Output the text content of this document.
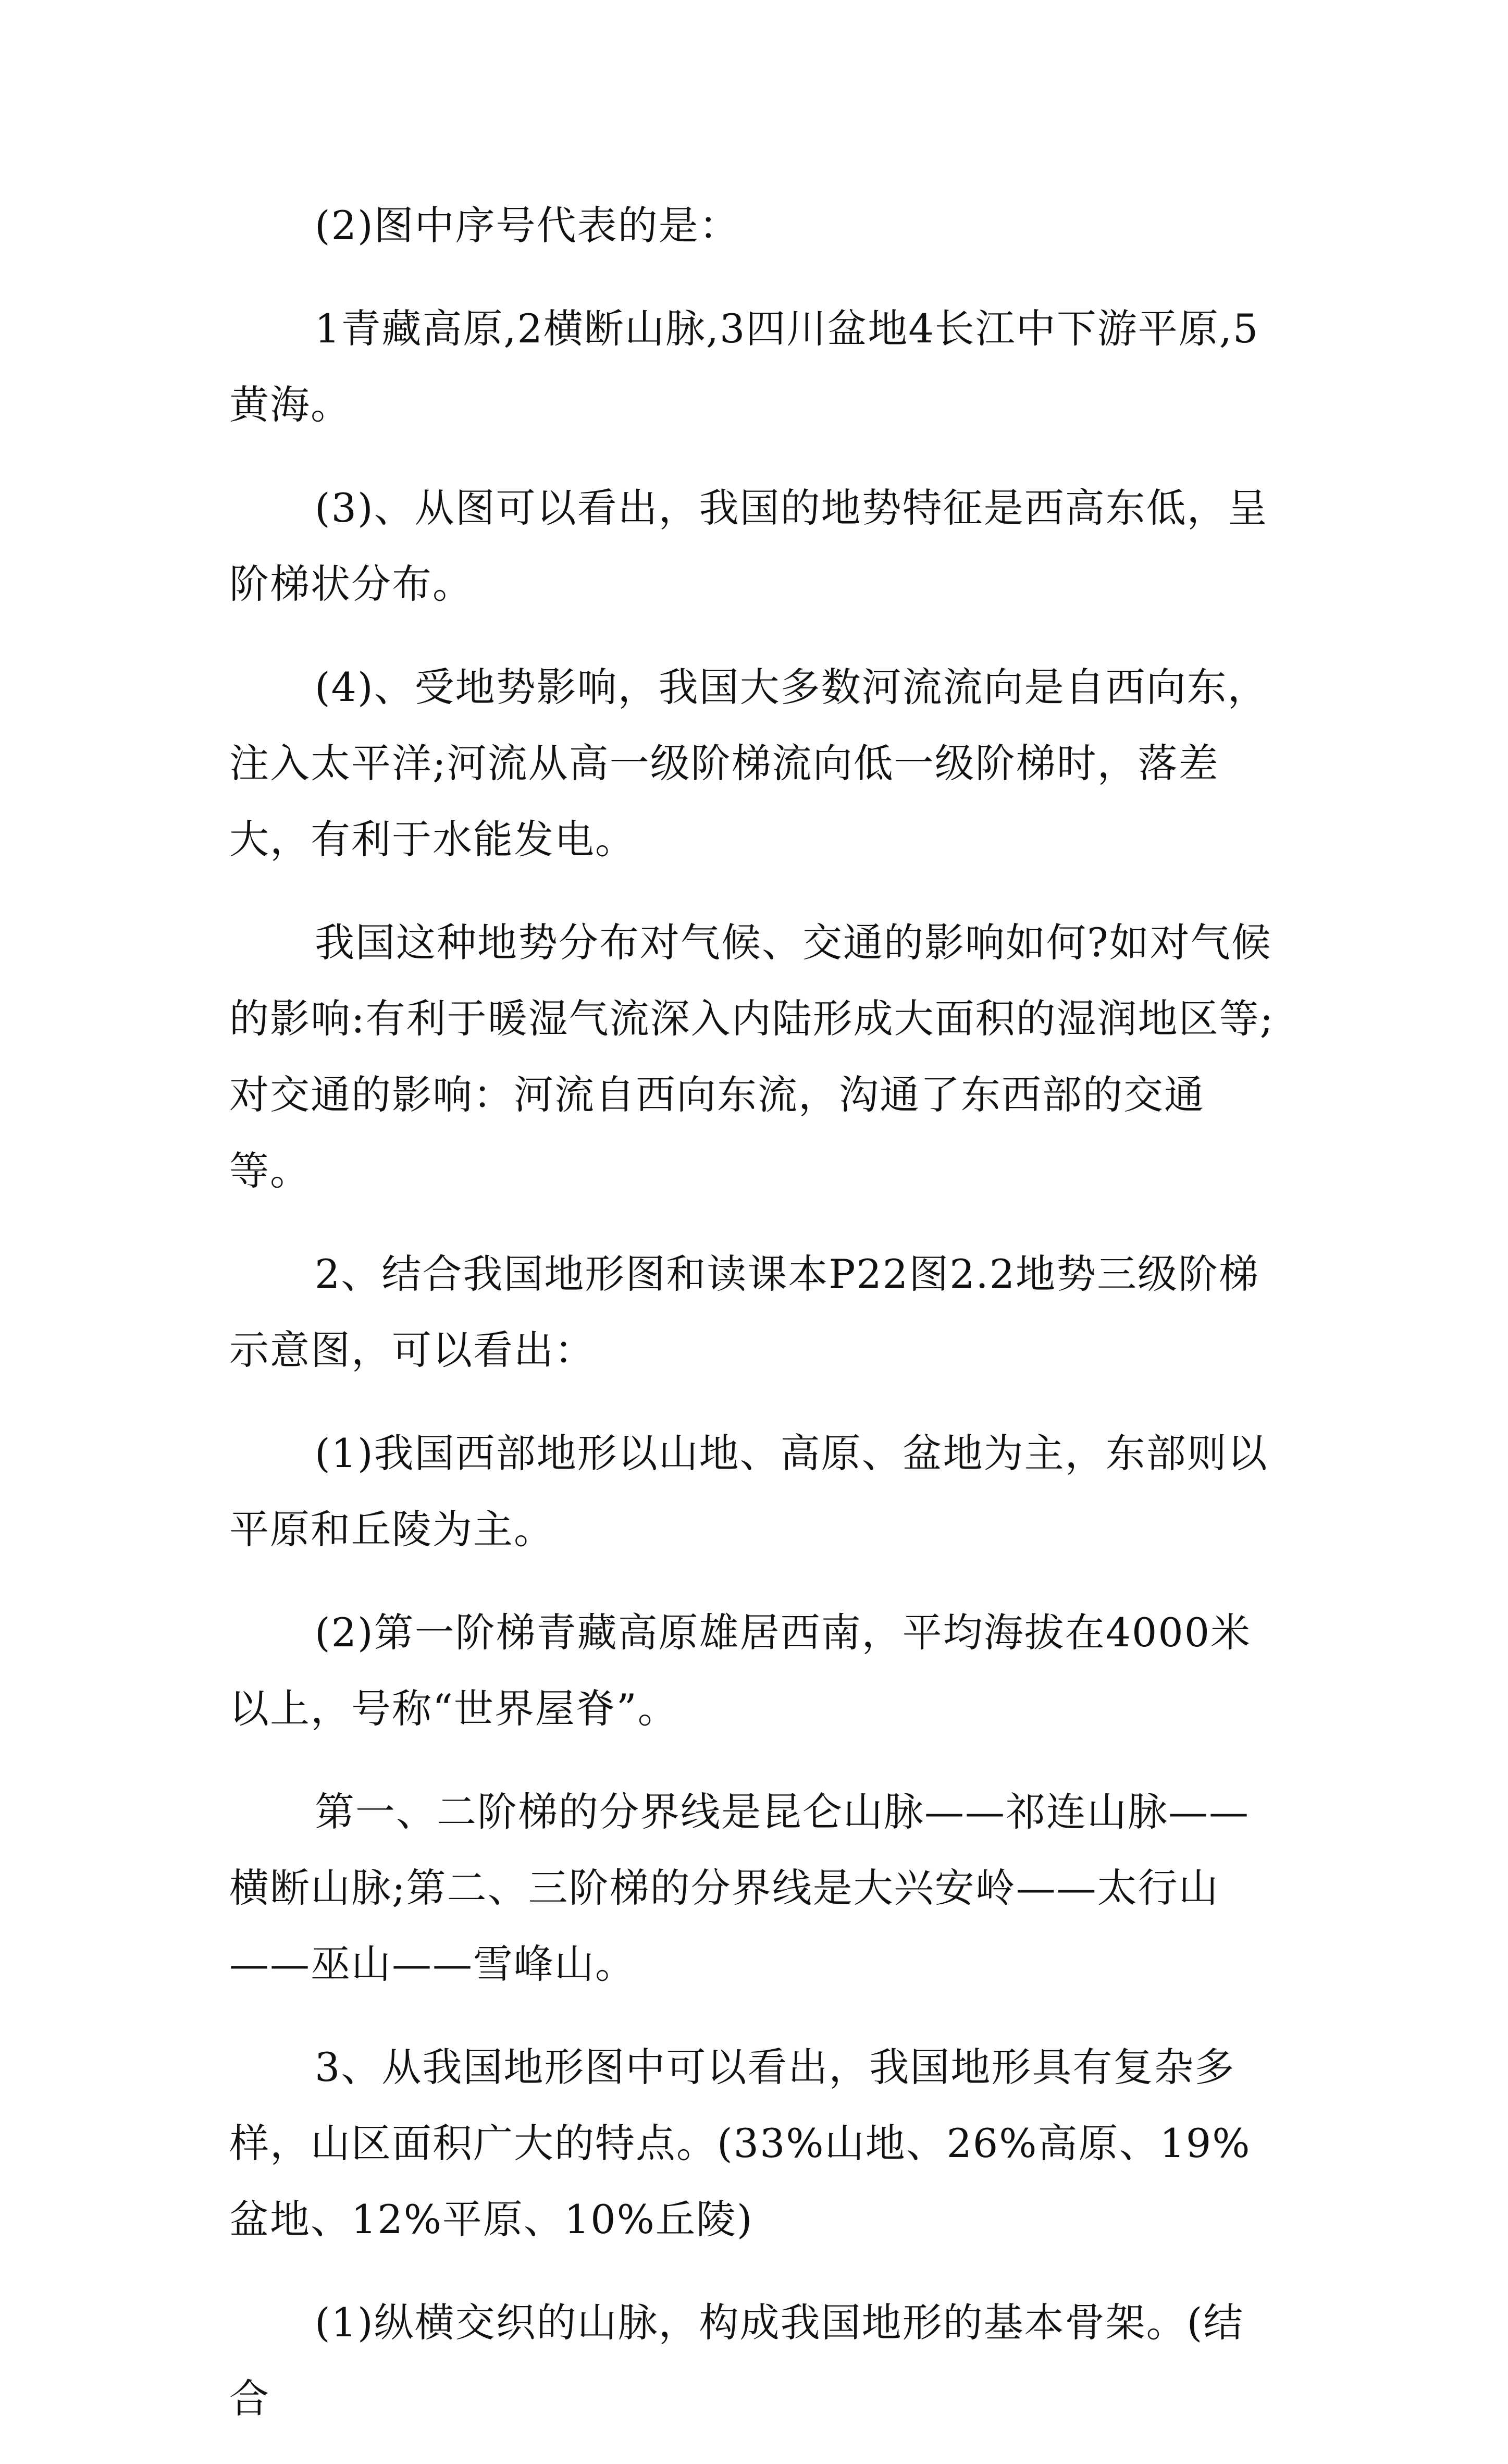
(2)图中序号代表的是：

1青藏高原,2横断山脉,3四川盆地4长江中下游平原,5黄海。

(3)、从图可以看出，我国的地势特征是西高东低，呈阶梯状分布。

(4)、受地势影响，我国大多数河流流向是自西向东，注入太平洋;河流从高一级阶梯流向低一级阶梯时，落差大，有利于水能发电。

我国这种地势分布对气候、交通的影响如何?如对气候的影响:有利于暖湿气流深入内陆形成大面积的湿润地区等;对交通的影响：河流自西向东流，沟通了东西部的交通等。

2、结合我国地形图和读课本P22图2.2地势三级阶梯示意图，可以看出：

(1)我国西部地形以山地、高原、盆地为主，东部则以平原和丘陵为主。

(2)第一阶梯青藏高原雄居西南，平均海拔在4000米以上，号称“世界屋脊”。

第一、二阶梯的分界线是昆仑山脉——祁连山脉——横断山脉;第二、三阶梯的分界线是大兴安岭——太行山——巫山——雪峰山。

3、从我国地形图中可以看出，我国地形具有复杂多样，山区面积广大的特点。(33%山地、26%高原、19%盆地、12%平原、10%丘陵)

(1)纵横交织的山脉，构成我国地形的基本骨架。(结合
